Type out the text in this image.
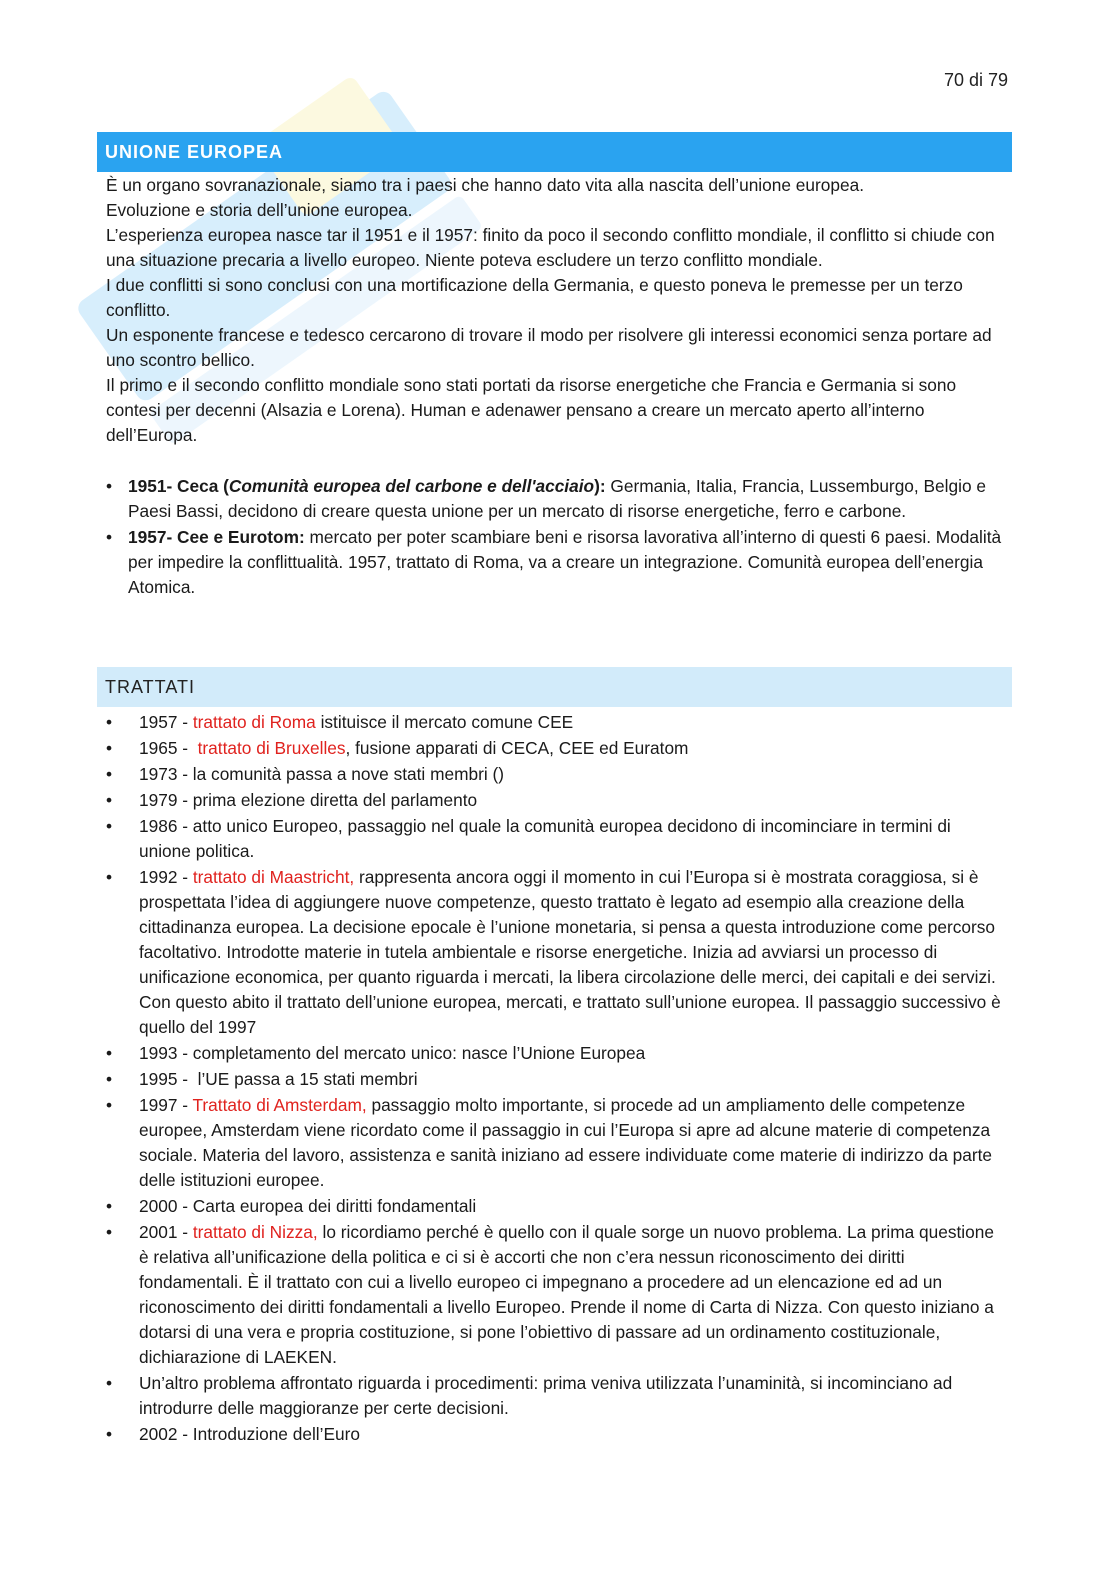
70 di 79
UNIONE EUROPEA

È un organo sovranazionale, siamo tra i paesi che hanno dato vita alla nascita dell’unione europea.

Evoluzione e storia dell’unione europea.

L’esperienza europea nasce tar il 1951 e il 1957: finito da poco il secondo conflitto mondiale, il conflitto si chiude con una situazione precaria a livello europeo. Niente poteva escludere un terzo conflitto mondiale.

I due conflitti si sono conclusi con una mortificazione della Germania, e questo poneva le premesse per un terzo conflitto.

Un esponente francese e tedesco cercarono di trovare il modo per risolvere gli interessi economici senza portare ad uno scontro bellico.

Il primo e il secondo conflitto mondiale sono stati portati da risorse energetiche che Francia e Germania si sono contesi per decenni (Alsazia e Lorena). Human e adenawer pensano a creare un mercato aperto all’interno dell’Europa.

• 1951- Ceca (Comunità europea del carbone e dell'acciaio): Germania, Italia, Francia, Lussemburgo, Belgio e Paesi Bassi, decidono di creare questa unione per un mercato di risorse energetiche, ferro e carbone.
• 1957- Cee e Eurotom: mercato per poter scambiare beni e risorsa lavorativa all’interno di questi 6 paesi. Modalità per impedire la conflittualità. 1957, trattato di Roma, va a creare un integrazione. Comunità europea dell’energia Atomica.
TRATTATI
• 1957 - trattato di Roma istituisce il mercato comune CEE
• 1965 -  trattato di Bruxelles, fusione apparati di CECA, CEE ed Euratom
• 1973 - la comunità passa a nove stati membri ()
• 1979 - prima elezione diretta del parlamento
• 1986 - atto unico Europeo, passaggio nel quale la comunità europea decidono di incominciare in termini di unione politica.
• 1992 - trattato di Maastricht, rappresenta ancora oggi il momento in cui l’Europa si è mostrata coraggiosa, si è prospettata l’idea di aggiungere nuove competenze, questo trattato è legato ad esempio alla creazione della cittadinanza europea. La decisione epocale è l’unione monetaria, si pensa a questa introduzione come percorso facoltativo. Introdotte materie in tutela ambientale e risorse energetiche. Inizia ad avviarsi un processo di unificazione economica, per quanto riguarda i mercati, la libera circolazione delle merci, dei capitali e dei servizi. Con questo abito il trattato dell’unione europea, mercati, e trattato sull’unione europea. Il passaggio successivo è quello del 1997
• 1993 - completamento del mercato unico: nasce l’Unione Europea
• 1995 -  l’UE passa a 15 stati membri
• 1997 - Trattato di Amsterdam, passaggio molto importante, si procede ad un ampliamento delle competenze europee, Amsterdam viene ricordato come il passaggio in cui l’Europa si apre ad alcune materie di competenza sociale. Materia del lavoro, assistenza e sanità iniziano ad essere individuate come materie di indirizzo da parte delle istituzioni europee.
• 2000 - Carta europea dei diritti fondamentali
• 2001 - trattato di Nizza, lo ricordiamo perché è quello con il quale sorge un nuovo problema. La prima questione è relativa all’unificazione della politica e ci si è accorti che non c’era nessun riconoscimento dei diritti fondamentali. È il trattato con cui a livello europeo ci impegnano a procedere ad un elencazione ed ad un riconoscimento dei diritti fondamentali a livello Europeo. Prende il nome di Carta di Nizza. Con questo iniziano a dotarsi di una vera e propria costituzione, si pone l’obiettivo di passare ad un ordinamento costituzionale, dichiarazione di LAEKEN.
• Un’altro problema affrontato riguarda i procedimenti: prima veniva utilizzata l’unaminità, si incominciano ad introdurre delle maggioranze per certe decisioni.
• 2002 - Introduzione dell’Euro
